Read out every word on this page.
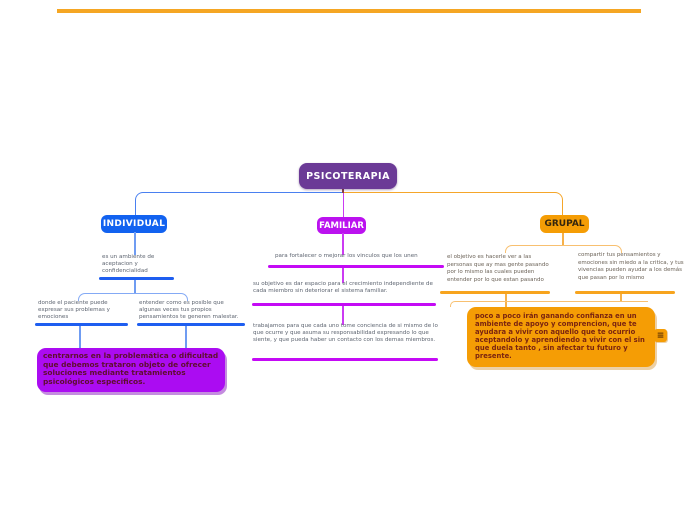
INDIVIDUAL
es un ambiente de aceptacion y confidencialidad
donde el paciente puede expresar sus problemas y emociones
entender como es posible que algunas veces tus propios pensamientos te generen malestar.
centrarnos en la problemática o dificultad que debemos trataron objeto de ofrecer soluciones mediante tratamientos psicológicos especificos.
FAMILIAR
para fortalecer o mejorar los vinculos que los unen
su objetivo es dar espacio para el crecimiento independiente de cada miembro sin deteriorar el sistema familiar.
trabajamos para que cada uno tome conciencia de si mismo de lo que ocurre y que asuma su responsabilidad expresando lo que siente, y que pueda haber un contacto con los demas miembros.
GRUPAL
el objetivo es hacerle ver a las personas que ay mas gente pasando por lo mismo las cuales pueden entender por lo que estan pasando
compartir tus pensamientos y emociones sin miedo a la critica, y tus vivencias pueden ayudar a los demás que pasan por lo mismo
poco a poco irán ganando confianza en un ambiente de apoyo y comprencion, que te ayudara a vivir con aquello que te ocurrio aceptandolo y aprendiendo a vivir con el sin que duela tanto , sin afectar tu futuro y presente.
≡
PSICOTERAPIA
